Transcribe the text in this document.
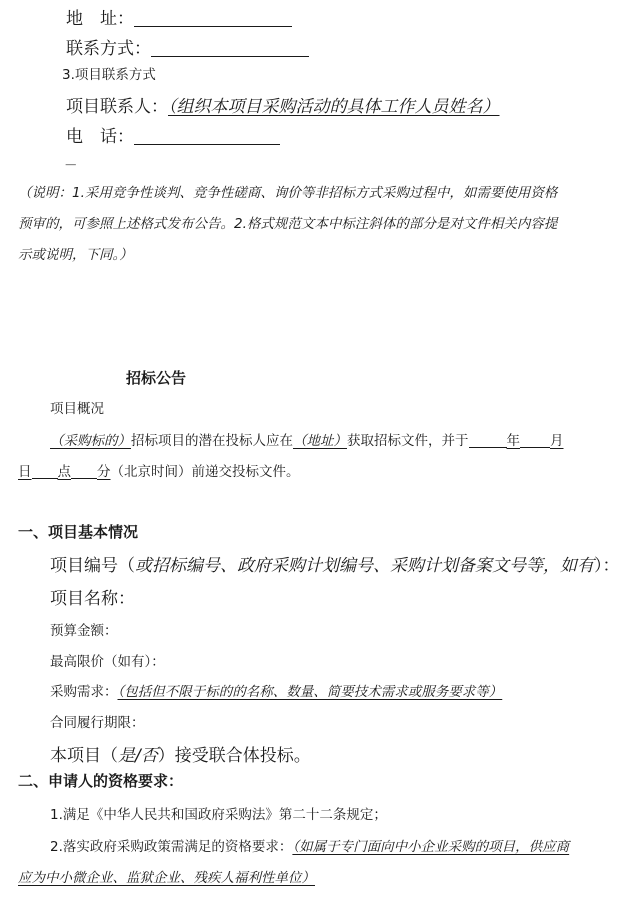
地　址：
联系方式：
3.项目联系方式
项目联系人：（组织本项目采购活动的具体工作人员姓名）
电　话：
－
（说明：1.采用竞争性谈判、竞争性磋商、询价等非招标方式采购过程中，如需要使用资格
预审的，可参照上述格式发布公告。2.格式规范文本中标注斜体的部分是对文件相关内容提
示或说明，下同。）
招标公告
项目概况
（采购标的）招标项目的潜在投标人应在（地址）获取招标文件，并于	年 月
日 点 分（北京时间）前递交投标文件。
一、项目基本情况
项目编号（或招标编号、政府采购计划编号、采购计划备案文号等，如有）：
项目名称：
预算金额：
最高限价（如有）：
采购需求：（包括但不限于标的的名称、数量、简要技术需求或服务要求等）
合同履行期限：
本项目（是/否）接受联合体投标。
二、申请人的资格要求：
1.满足《中华人民共和国政府采购法》第二十二条规定；
2.落实政府采购政策需满足的资格要求：（如属于专门面向中小企业采购的项目，供应商
应为中小微企业、监狱企业、残疾人福利性单位）
